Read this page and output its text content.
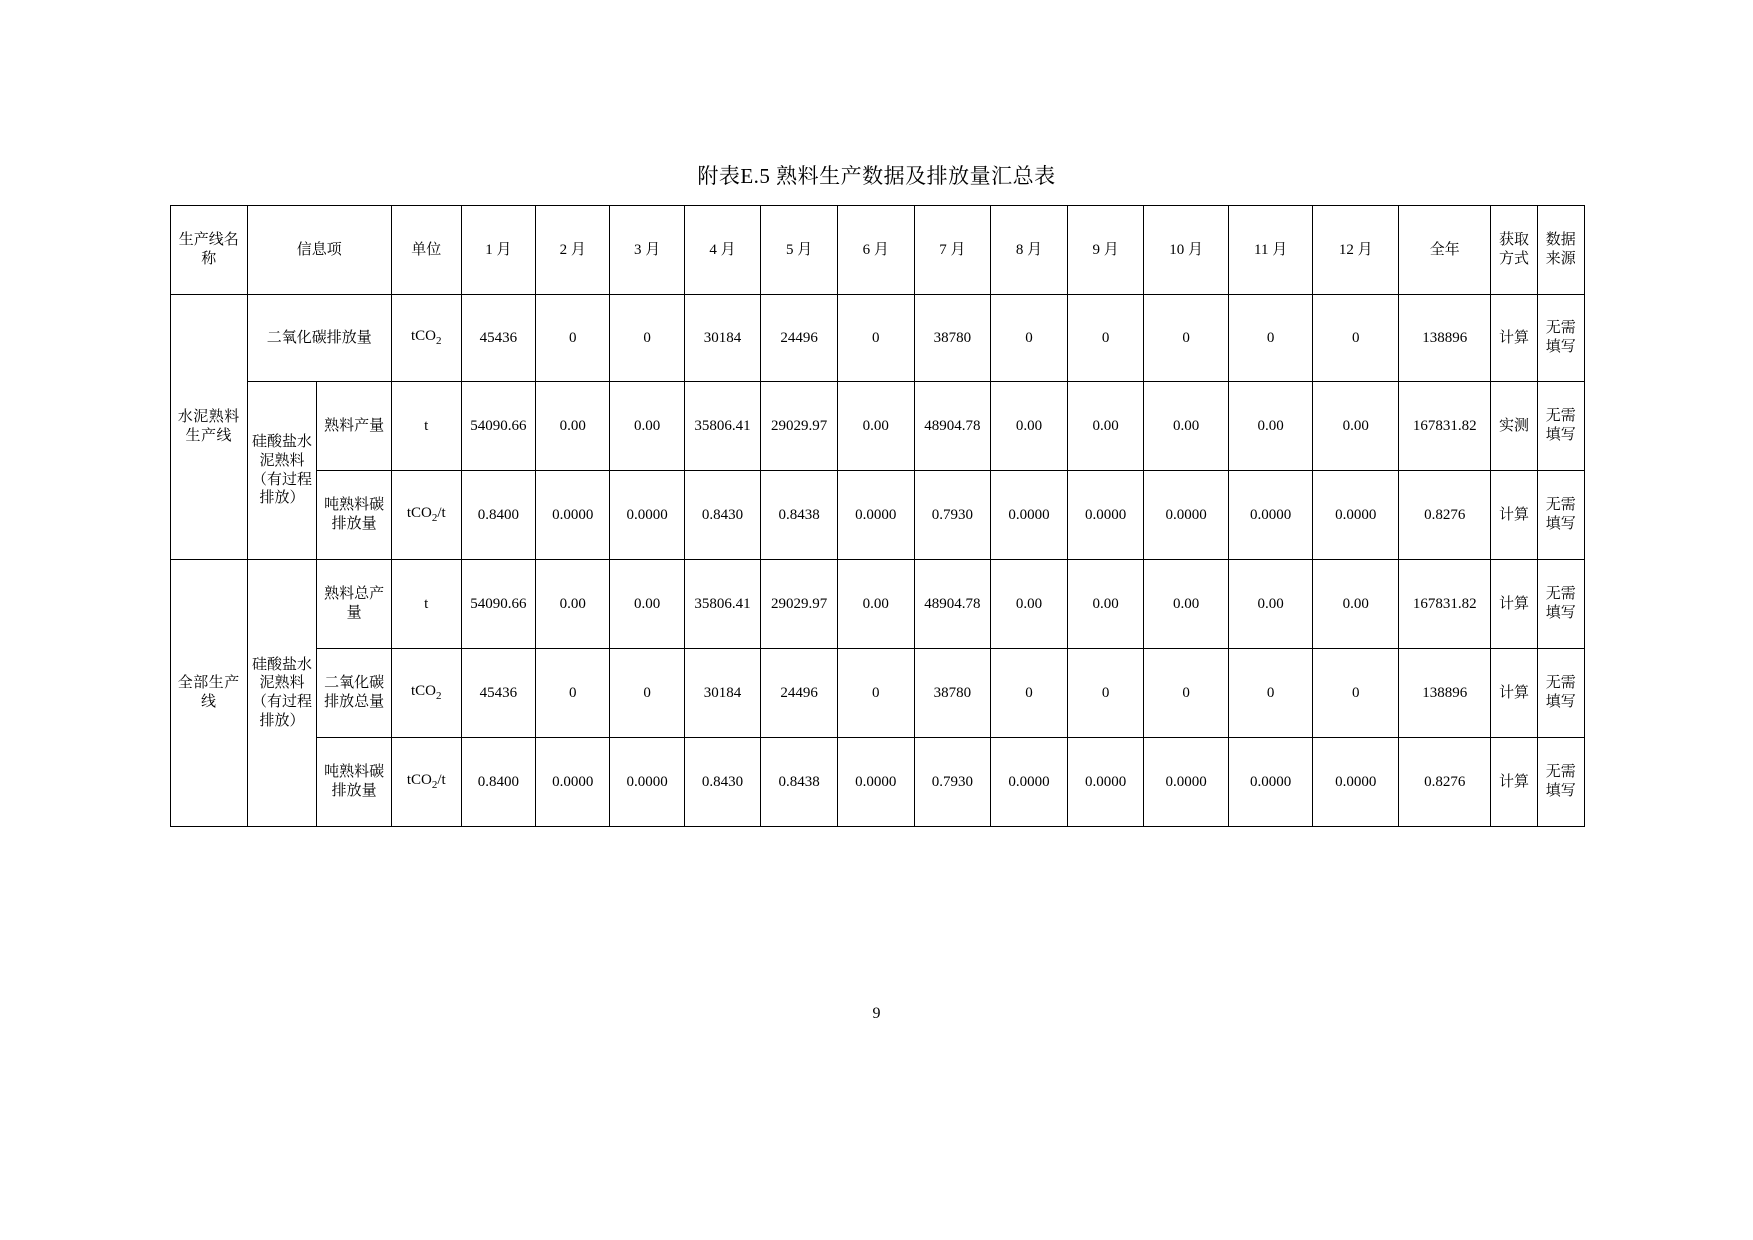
附表E.5 熟料生产数据及排放量汇总表
生产线名称	信息项		单位	1 月	2 月	3 月	4 月	5 月	6 月	7 月	8 月	9 月	10 月	11 月	12 月	全年	获取方式	数据来源
水泥熟料生产线	二氧化碳排放量		tCO$_2$	45436	0	0	30184	24496	0	38780	0	0	0	0	0	138896	计算	无需填写
	硅酸盐水泥熟料（有过程排放）	熟料产量	t	54090.66	0.00	0.00	35806.41	29029.97	0.00	48904.78	0.00	0.00	0.00	0.00	0.00	167831.82	实测	无需填写
		吨熟料碳排放量	tCO$_2$/t	0.8400	0.0000	0.0000	0.8430	0.8438	0.0000	0.7930	0.0000	0.0000	0.0000	0.0000	0.0000	0.8276	计算	无需填写
全部生产线	硅酸盐水泥熟料（有过程排放）	熟料总产量	t	54090.66	0.00	0.00	35806.41	29029.97	0.00	48904.78	0.00	0.00	0.00	0.00	0.00	167831.82	计算	无需填写
		二氧化碳排放总量	tCO$_2$	45436	0	0	30184	24496	0	38780	0	0	0	0	0	138896	计算	无需填写
		吨熟料碳排放量	tCO$_2$/t	0.8400	0.0000	0.0000	0.8430	0.8438	0.0000	0.7930	0.0000	0.0000	0.0000	0.0000	0.0000	0.8276	计算	无需填写
9
